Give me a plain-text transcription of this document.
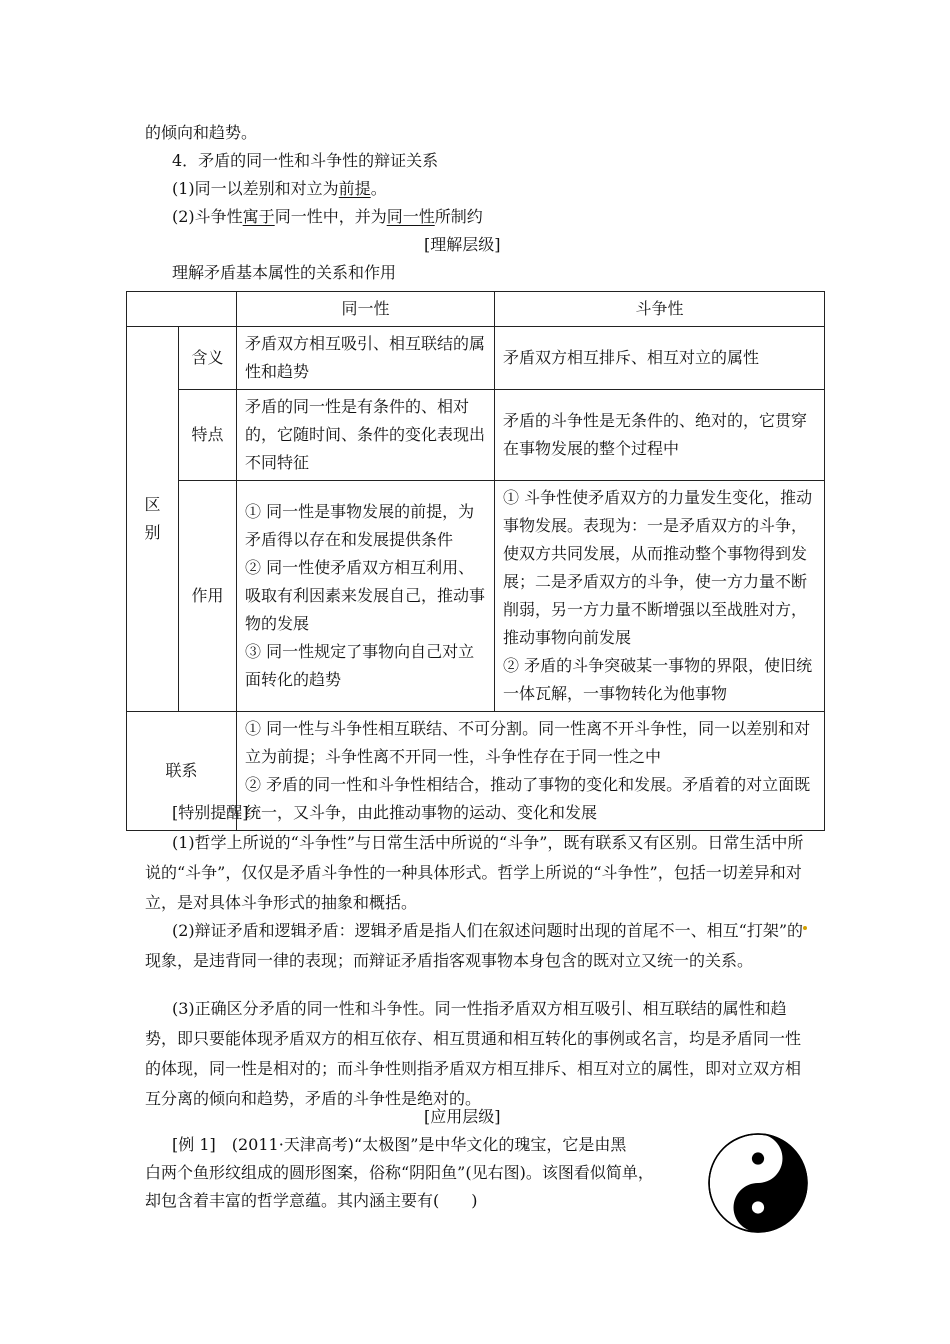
的倾向和趋势。
4．矛盾的同一性和斗争性的辩证关系
(1)同一以差别和对立为前提。
(2)斗争性寓于同一性中，并为同一性所制约
[理解层级]
理解矛盾基本属性的关系和作用
		同一性	斗争性
区
别	含义	矛盾双方相互吸引、相互联结的属性和趋势	矛盾双方相互排斥、相互对立的属性
	特点	矛盾的同一性是有条件的、相对的，它随时间、条件的变化表现出不同特征	矛盾的斗争性是无条件的、绝对的，它贯穿在事物发展的整个过程中
	作用	① 同一性是事物发展的前提，为矛盾得以存在和发展提供条件
② 同一性使矛盾双方相互利用、吸取有利因素来发展自己，推动事物的发展
③ 同一性规定了事物向自己对立面转化的趋势	① 斗争性使矛盾双方的力量发生变化，推动事物发展。表现为：一是矛盾双方的斗争，使双方共同发展，从而推动整个事物得到发展；二是矛盾双方的斗争，使一方力量不断削弱，另一方力量不断增强以至战胜对方，推动事物向前发展
② 矛盾的斗争突破某一事物的界限，使旧统一体瓦解，一事物转化为他事物
联系		① 同一性与斗争性相互联结、不可分割。同一性离不开斗争性，同一以差别和对立为前提；斗争性离不开同一性，斗争性存在于同一性之中
② 矛盾的同一性和斗争性相结合，推动了事物的变化和发展。矛盾着的对立面既统一，又斗争，由此推动事物的运动、变化和发展	
[特别提醒]
(1)哲学上所说的“斗争性”与日常生活中所说的“斗争”，既有联系又有区别。日常生活中所说的“斗争”，仅仅是矛盾斗争性的一种具体形式。哲学上所说的“斗争性”，包括一切差异和对立，是对具体斗争形式的抽象和概括。
(2)辩证矛盾和逻辑矛盾：逻辑矛盾是指人们在叙述问题时出现的首尾不一、相互“打架”的现象，是违背同一律的表现；而辩证矛盾指客观事物本身包含的既对立又统一的关系。
(3)正确区分矛盾的同一性和斗争性。同一性指矛盾双方相互吸引、相互联结的属性和趋势，即只要能体现矛盾双方的相互依存、相互贯通和相互转化的事例或名言，均是矛盾同一性的体现，同一性是相对的；而斗争性则指矛盾双方相互排斥、相互对立的属性，即对立双方相互分离的倾向和趋势，矛盾的斗争性是绝对的。
[应用层级]
[例 1]　(2011·天津高考)“太极图”是中华文化的瑰宝，它是由黑
白两个鱼形纹组成的圆形图案，俗称“阴阳鱼”(见右图)。该图看似简单，
却包含着丰富的哲学意蕴。其内涵主要有(　　)
